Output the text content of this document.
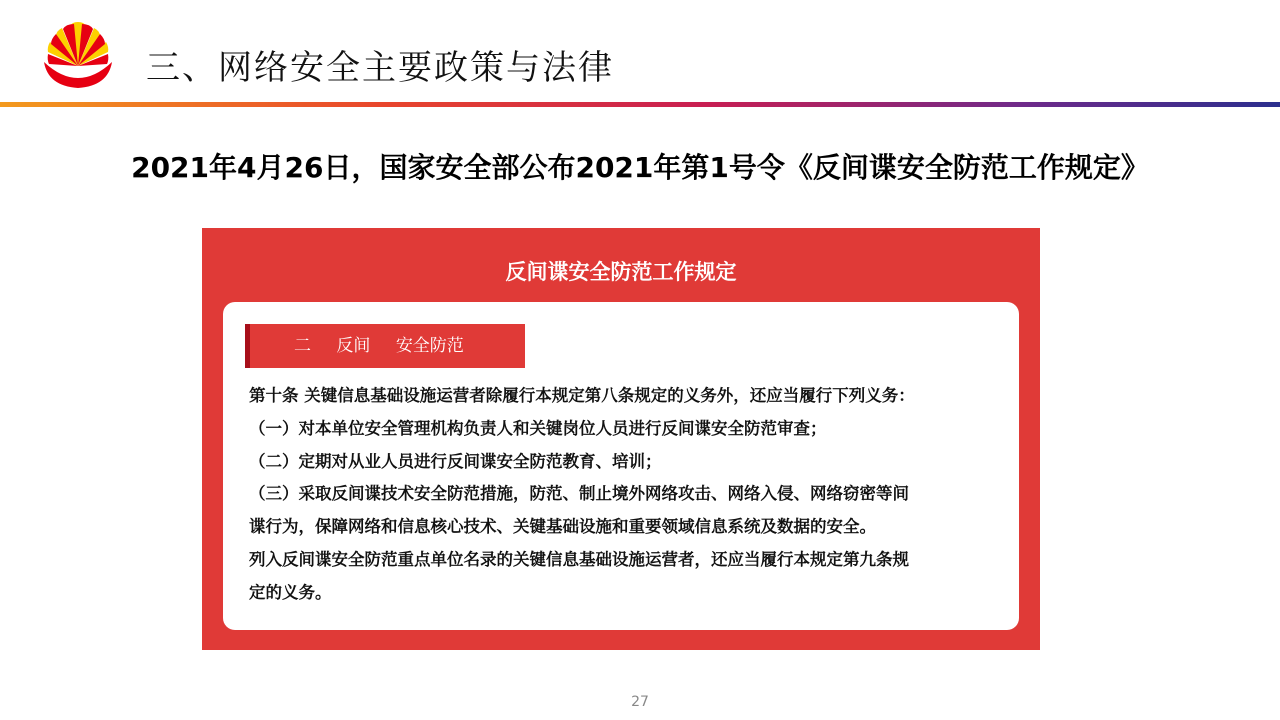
三、网络安全主要政策与法律
2021年4月26日，国家安全部公布2021年第1号令《反间谍安全防范工作规定》
反间谍安全防范工作规定
二 反间 安全防范

第十条 关键信息基础设施运营者除履行本规定第八条规定的义务外，还应当履行下列义务：

（一）对本单位安全管理机构负责人和关键岗位人员进行反间谍安全防范审查；

（二）定期对从业人员进行反间谍安全防范教育、培训；

（三）采取反间谍技术安全防范措施，防范、制止境外网络攻击、网络入侵、网络窃密等间

谍行为，保障网络和信息核心技术、关键基础设施和重要领域信息系统及数据的安全。

列入反间谍安全防范重点单位名录的关键信息基础设施运营者，还应当履行本规定第九条规

定的义务。

27
